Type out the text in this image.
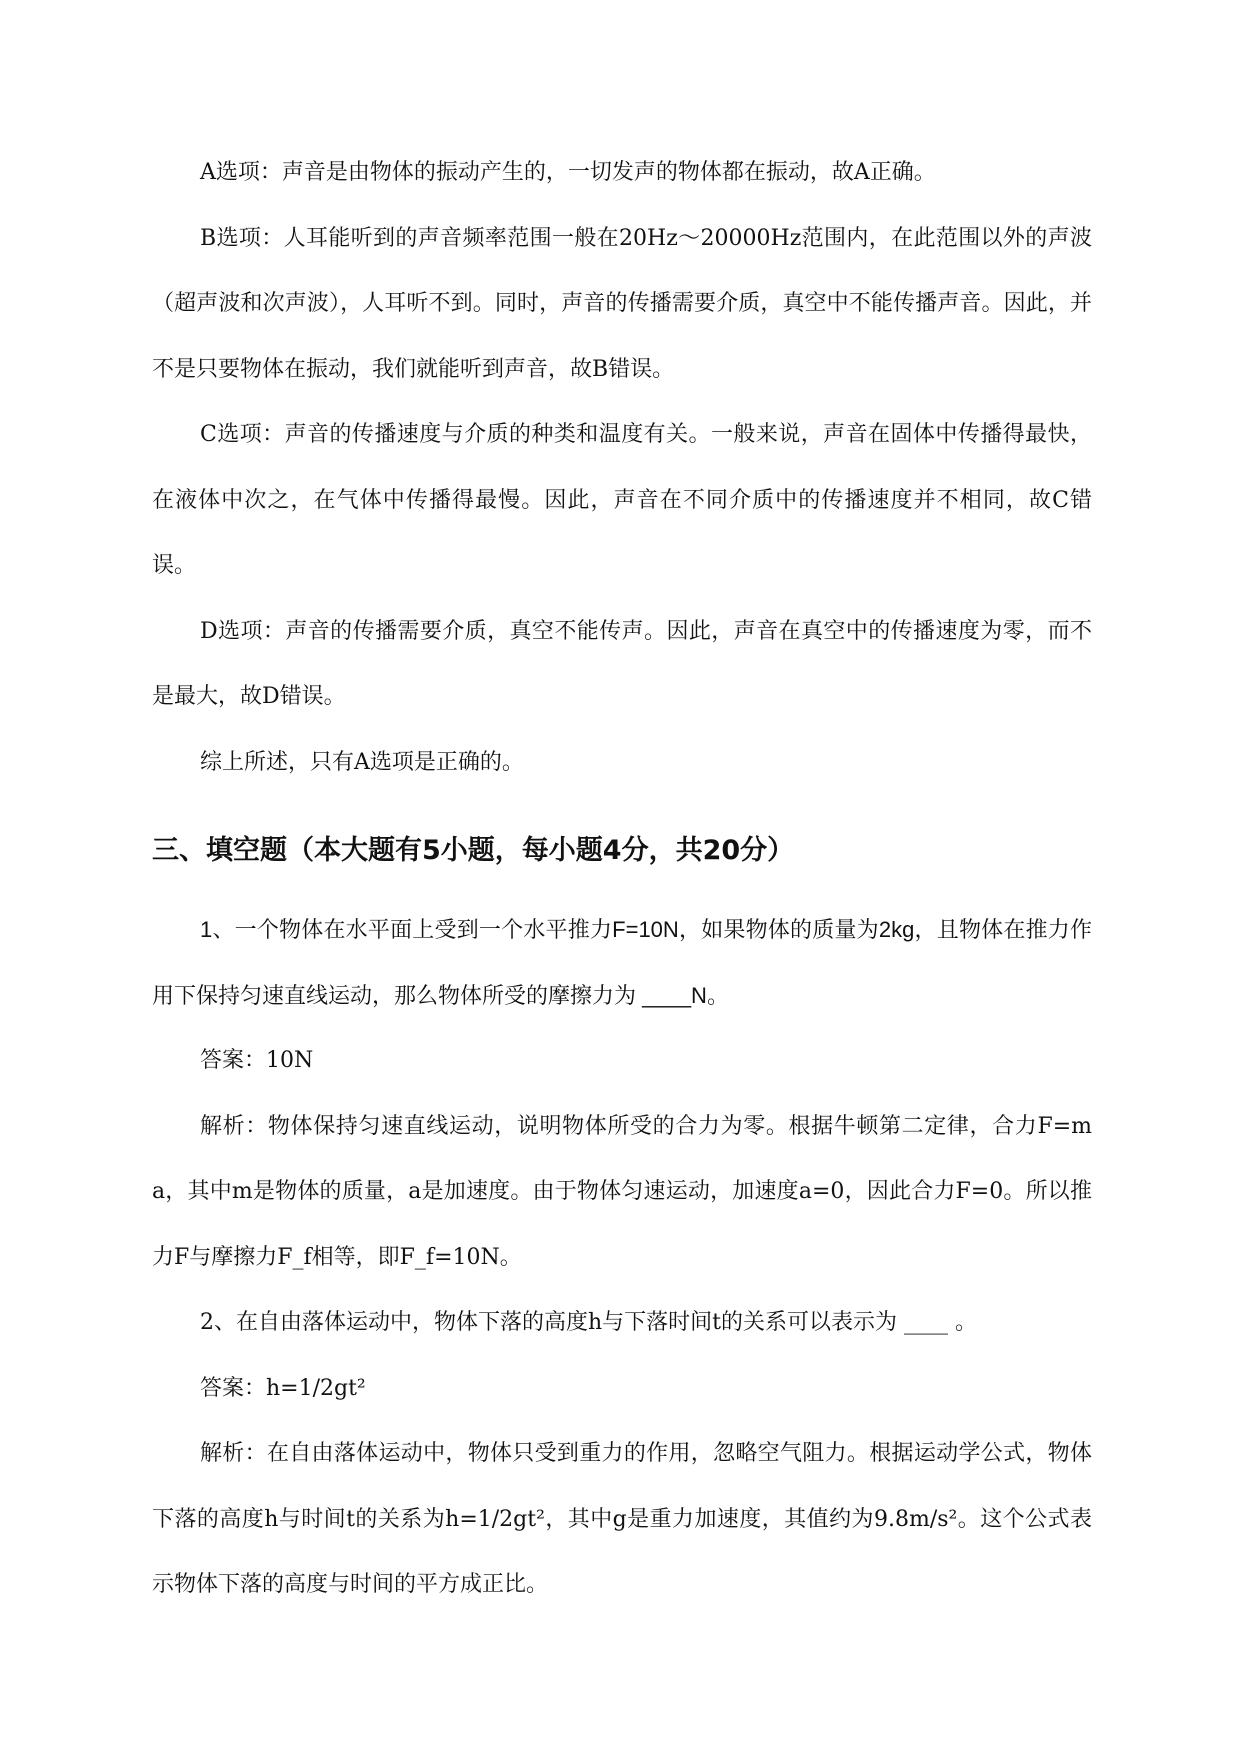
A选项：声音是由物体的振动产生的，一切发声的物体都在振动，故A正确。

B选项：人耳能听到的声音频率范围一般在20Hz～20000Hz范围内，在此范围以外的声波（超声波和次声波），人耳听不到。同时，声音的传播需要介质，真空中不能传播声音。因此，并不是只要物体在振动，我们就能听到声音，故B错误。

C选项：声音的传播速度与介质的种类和温度有关。一般来说，声音在固体中传播得最快，在液体中次之，在气体中传播得最慢。因此，声音在不同介质中的传播速度并不相同，故C错误。

D选项：声音的传播需要介质，真空不能传声。因此，声音在真空中的传播速度为零，而不是最大，故D错误。

综上所述，只有A选项是正确的。

三、填空题（本大题有5小题，每小题4分，共20分）

1、一个物体在水平面上受到一个水平推力F=10N，如果物体的质量为2kg，且物体在推力作用下保持匀速直线运动，那么物体所受的摩擦力为 ____N。

答案：10N

解析：物体保持匀速直线运动，说明物体所受的合力为零。根据牛顿第二定律，合力F=ma，其中m是物体的质量，a是加速度。由于物体匀速运动，加速度a=0，因此合力F=0。所以推力F与摩擦力F_f相等，即F_f=10N。

2、在自由落体运动中，物体下落的高度h与下落时间t的关系可以表示为 ____ 。

答案：h=1/2gt²

解析：在自由落体运动中，物体只受到重力的作用，忽略空气阻力。根据运动学公式，物体下落的高度h与时间t的关系为h=1/2gt²，其中g是重力加速度，其值约为9.8m/s²。这个公式表示物体下落的高度与时间的平方成正比。
